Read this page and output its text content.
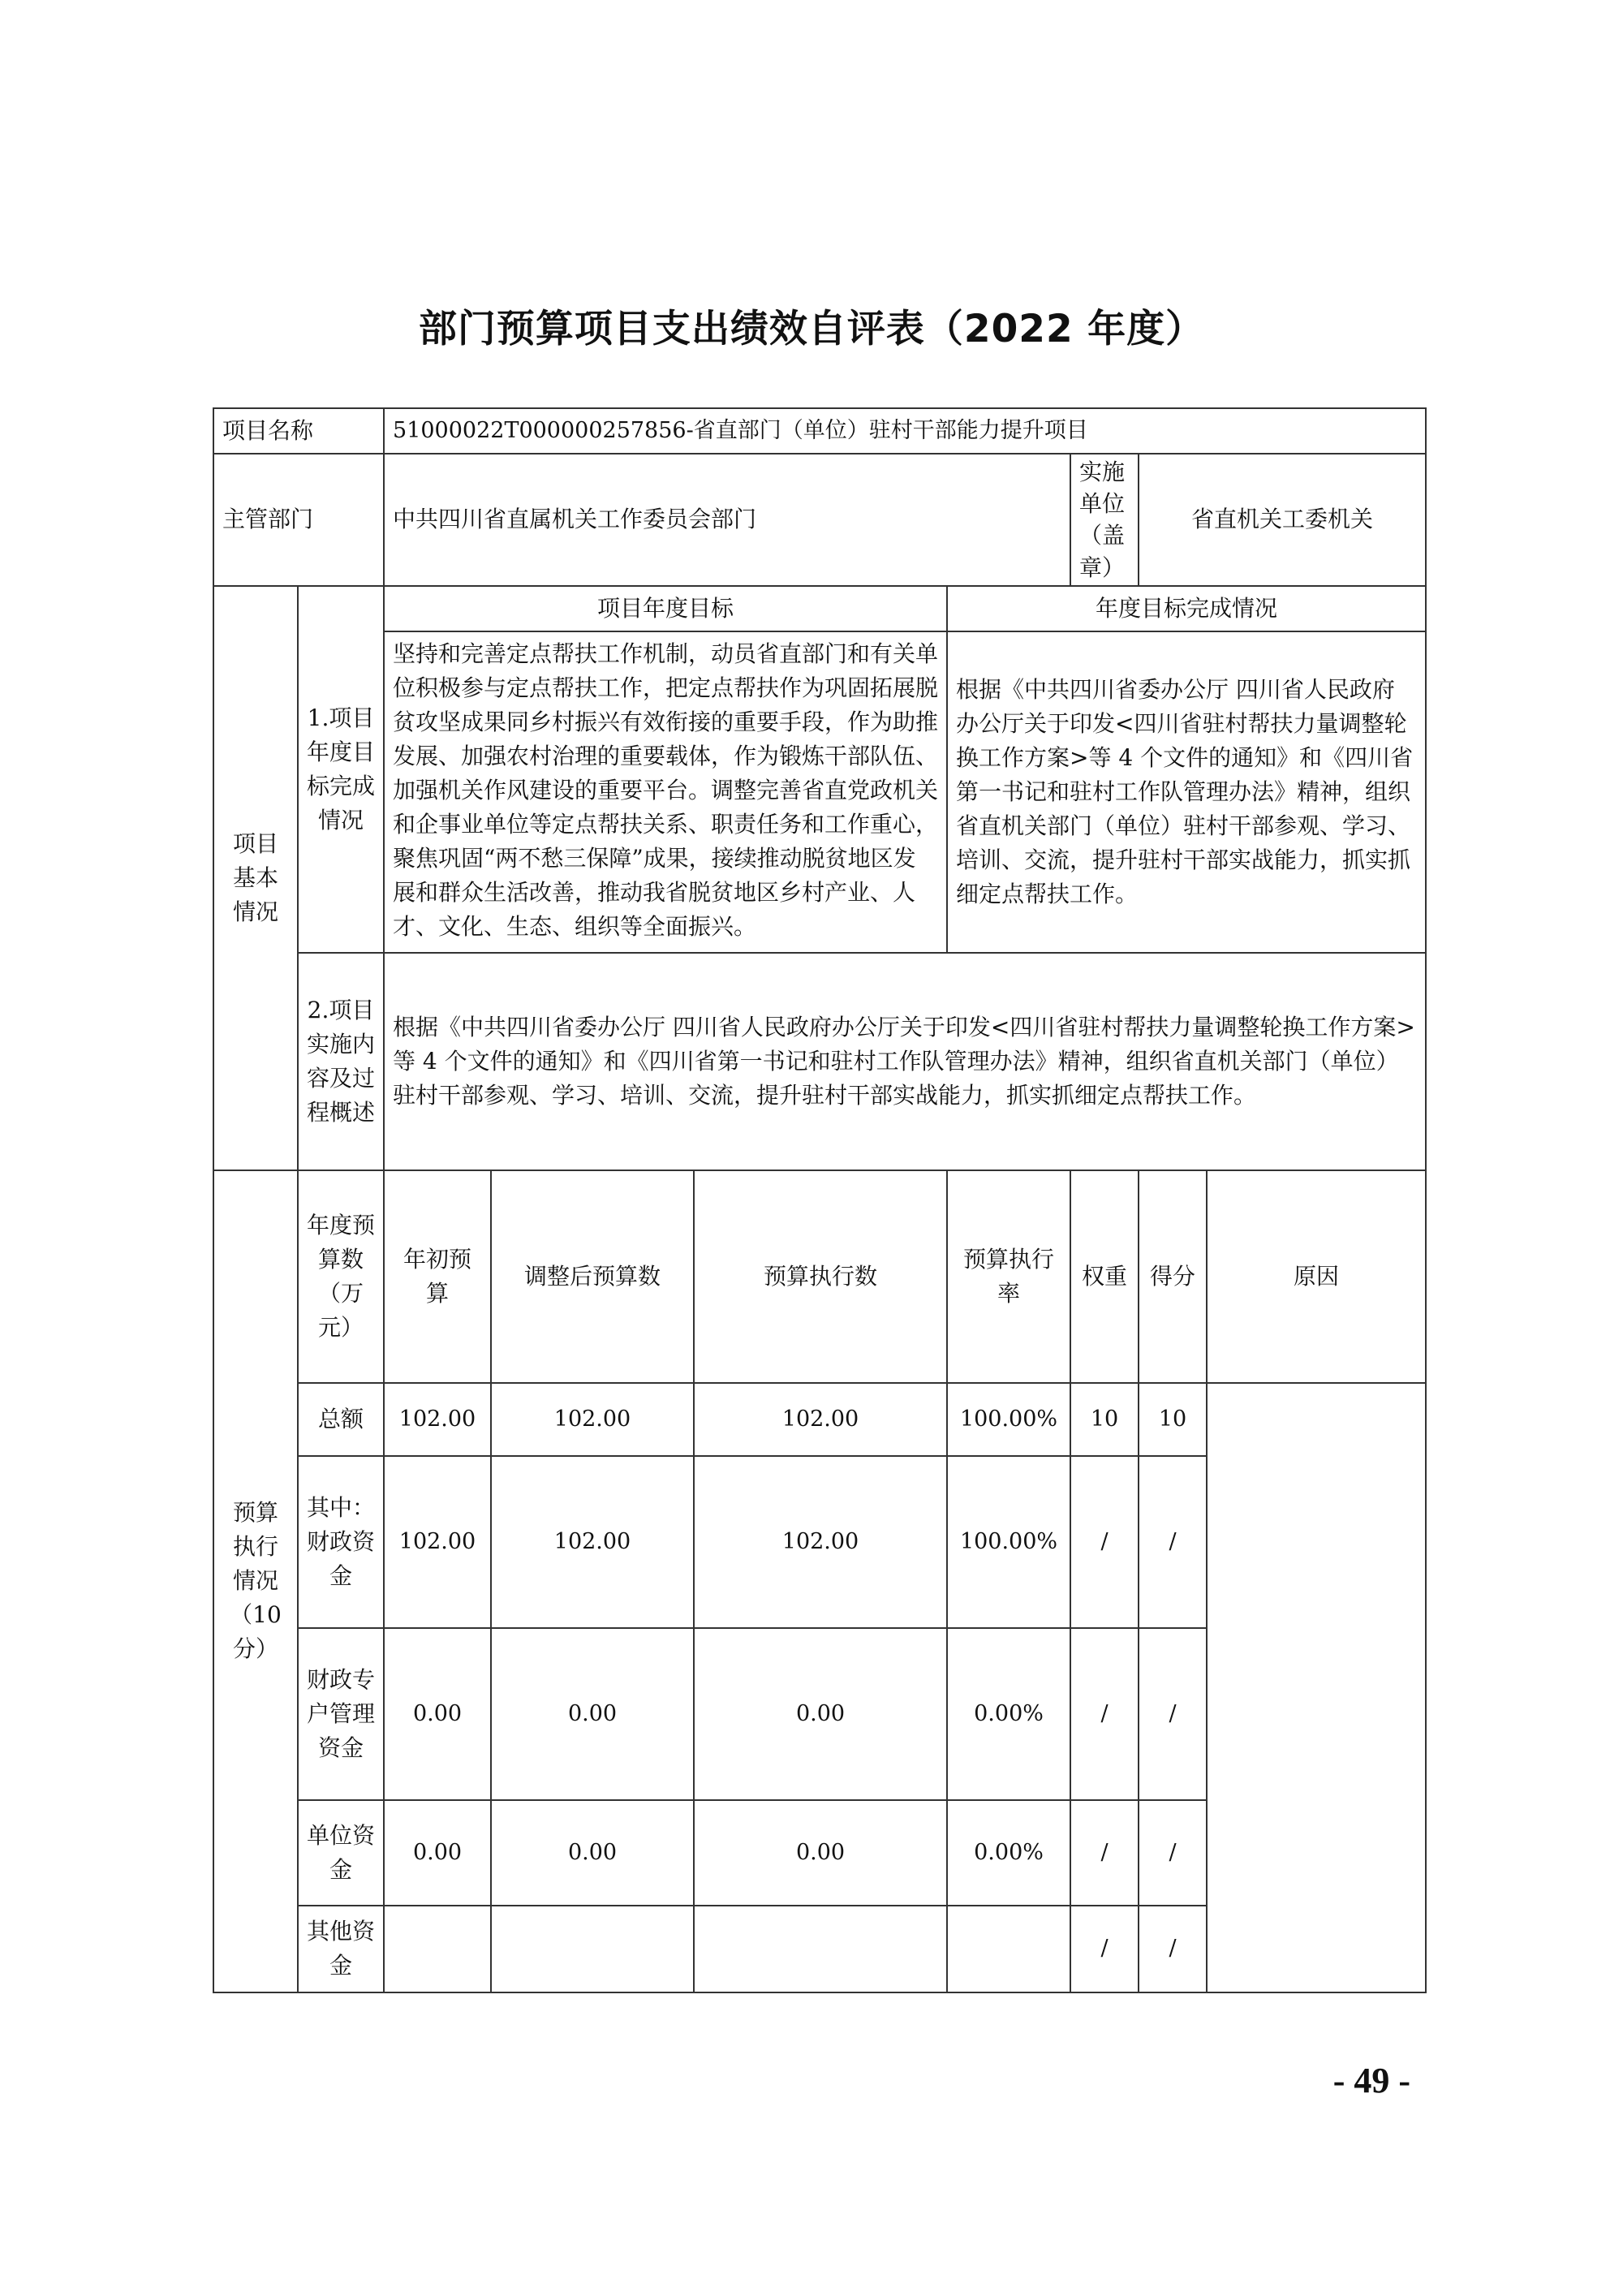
部门预算项目支出绩效自评表（2022 年度）
项目名称		51000022T000000257856-省直部门（单位）驻村干部能力提升项目						
主管部门		中共四川省直属机关工作委员会部门				实施单位（盖章）	省直机关工委机关	
项目基本情况	1.项目年度目标完成情况	项目年度目标			年度目标完成情况			
		坚持和完善定点帮扶工作机制，动员省直部门和有关单位积极参与定点帮扶工作，把定点帮扶作为巩固拓展脱贫攻坚成果同乡村振兴有效衔接的重要手段，作为助推发展、加强农村治理的重要载体，作为锻炼干部队伍、加强机关作风建设的重要平台。调整完善省直党政机关和企事业单位等定点帮扶关系、职责任务和工作重心，聚焦巩固“两不愁三保障”成果，接续推动脱贫地区发展和群众生活改善，推动我省脱贫地区乡村产业、人才、文化、生态、组织等全面振兴。			根据《中共四川省委办公厅 四川省人民政府办公厅关于印发<四川省驻村帮扶力量调整轮换工作方案>等 4 个文件的通知》和《四川省第一书记和驻村工作队管理办法》精神，组织省直机关部门（单位）驻村干部参观、学习、培训、交流，提升驻村干部实战能力，抓实抓细定点帮扶工作。			
	2.项目实施内容及过程概述	根据《中共四川省委办公厅 四川省人民政府办公厅关于印发<四川省驻村帮扶力量调整轮换工作方案>等 4 个文件的通知》和《四川省第一书记和驻村工作队管理办法》精神，组织省直机关部门（单位）驻村干部参观、学习、培训、交流，提升驻村干部实战能力，抓实抓细定点帮扶工作。						
预算执行情况（10分）	年度预算数（万元）	年初预算	调整后预算数	预算执行数	预算执行率	权重	得分	原因
	总额	102.00	102.00	102.00	100.00%	10	10	
	其中：财政资金	102.00	102.00	102.00	100.00%	/	/	
	财政专户管理资金	0.00	0.00	0.00	0.00%	/	/	
	单位资金	0.00	0.00	0.00	0.00%	/	/	
	其他资金					/	/	
- 49 -
